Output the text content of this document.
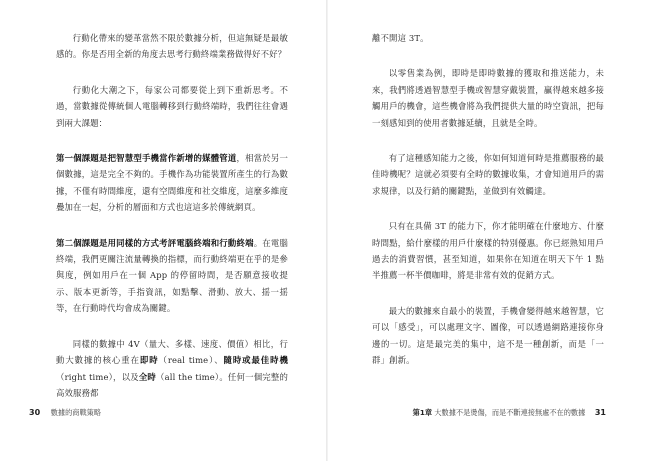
行動化帶來的變革當然不限於數據分析，但這無疑是最敏感的。你是否用全新的角度去思考行動終端業務做得好不好？

行動化大潮之下，每家公司都要從上到下重新思考。不過，當數據從傳統個人電腦轉移到行動終端時，我們往往會遇到兩大課題：

第一個課題是把智慧型手機當作新增的媒體管道，相當於另一個數據，這是完全不夠的。手機作為功能裝置所產生的行為數據，不僅有時間維度，還有空間維度和社交維度，這麼多維度疊加在一起，分析的層面和方式也這這多於傳統網頁。

第二個課題是用同樣的方式考評電腦終端和行動終端。在電腦終端，我們更關注流量轉換的指標，而行動終端更在乎的是參與度，例如用戶在一個 App 的停留時間，是否願意接收提示、版本更新等，手指資訊，如點擊、滑動、放大、揺一揺等，在行動時代均會成為關鍵。

同樣的數據中 4V（量大、多樣、速度、價值）相比，行動大數據的核心重在即時（real time）、隨時或最佳時機（right time），以及全時（all the time）。任何一個完整的高效服務都

30 數據的商戰策略

離不開這 3T。

以零售業為例，即時是即時數據的獲取和推送能力，未來，我們將透過智慧型手機或智慧穿戴裝置，贏得越來越多接觸用戶的機會，這些機會將為我們提供大量的時空資訊，把每一刻感知到的使用者數據延續，且就是全時。

有了這種感知能力之後，你如何知道何時是推薦服務的最佳時機呢？這就必須要有全時的數據收集，才會知道用戶的需求規律，以及行銷的關鍵點，並做到有效觸達。

只有在具備 3T 的能力下，你才能明確在什麼地方、什麼時間點，給什麼樣的用戶什麼樣的特別優惠。你已經熟知用戶過去的消費習慣，甚至知道，如果你在知道在明天下午 1 點半推薦一杯半價咖啡，將是非常有效的促銷方式。

最大的數據來自最小的裝置，手機會變得越來越智慧，它可以「感受」，可以處理文字、圖像，可以透過網路連接你身邊的一切。這是最完美的集中，這不是一種創新，而是「一群」創新。

第1章 大數據不是燙傷，而是不斷連接無處不在的數據 31
